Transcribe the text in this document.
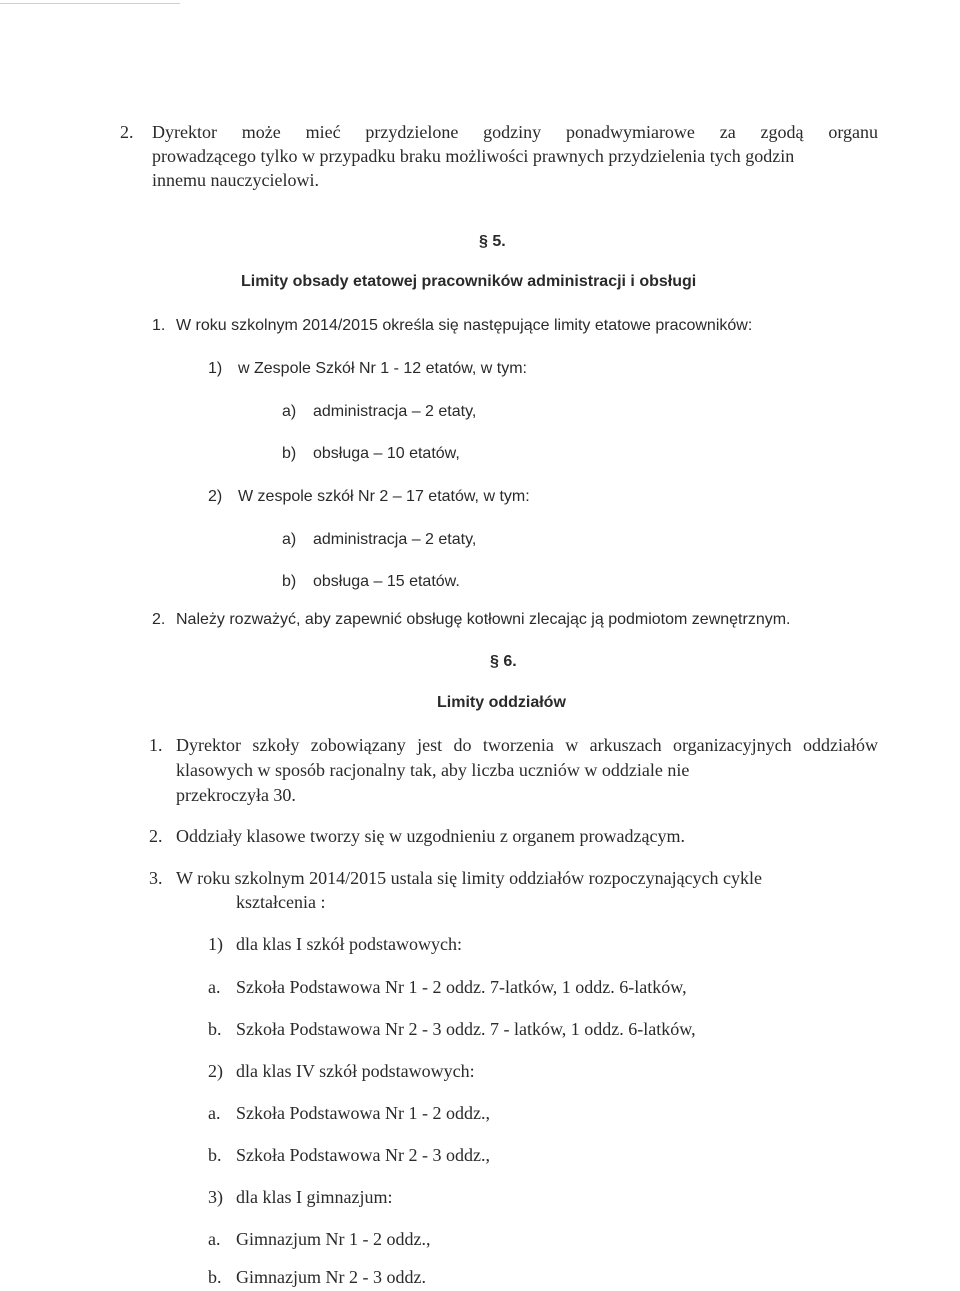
2. Dyrektor może mieć przydzielone godziny ponadwymiarowe za zgodą organu

prowadzącego tylko w przypadku braku możliwości prawnych przydzielenia tych godzin

innemu nauczycielowi.

§ 5.

Limity obsady etatowej pracowników administracji i obsługi

1. W roku szkolnym 2014/2015 określa się następujące limity etatowe pracowników:

1) w Zespole Szkół Nr 1 - 12 etatów, w tym:

a) administracja – 2 etaty,

b) obsługa – 10 etatów,

2) W zespole szkół Nr 2 – 17 etatów, w tym:

a) administracja – 2 etaty,

b) obsługa – 15 etatów.

2. Należy rozważyć, aby zapewnić obsługę kotłowni zlecając ją podmiotom zewnętrznym.

§ 6.

Limity oddziałów

1. Dyrektor szkoły zobowiązany jest do tworzenia w arkuszach organizacyjnych oddziałów

klasowych w sposób racjonalny tak, aby liczba uczniów w oddziale nie

przekroczyła 30.

2. Oddziały klasowe tworzy się w uzgodnieniu z organem prowadzącym.

3. W roku szkolnym 2014/2015 ustala się limity oddziałów rozpoczynających cykle

kształcenia :

1) dla klas I szkół podstawowych:

a. Szkoła Podstawowa Nr 1 - 2 oddz. 7-latków, 1 oddz. 6-latków,

b. Szkoła Podstawowa Nr 2 - 3 oddz. 7 - latków, 1 oddz. 6-latków,

2) dla klas IV szkół podstawowych:

a. Szkoła Podstawowa Nr 1 - 2 oddz.,

b. Szkoła Podstawowa Nr 2 - 3 oddz.,

3) dla klas I gimnazjum:

a. Gimnazjum Nr 1 - 2 oddz.,

b. Gimnazjum Nr 2 - 3 oddz.
